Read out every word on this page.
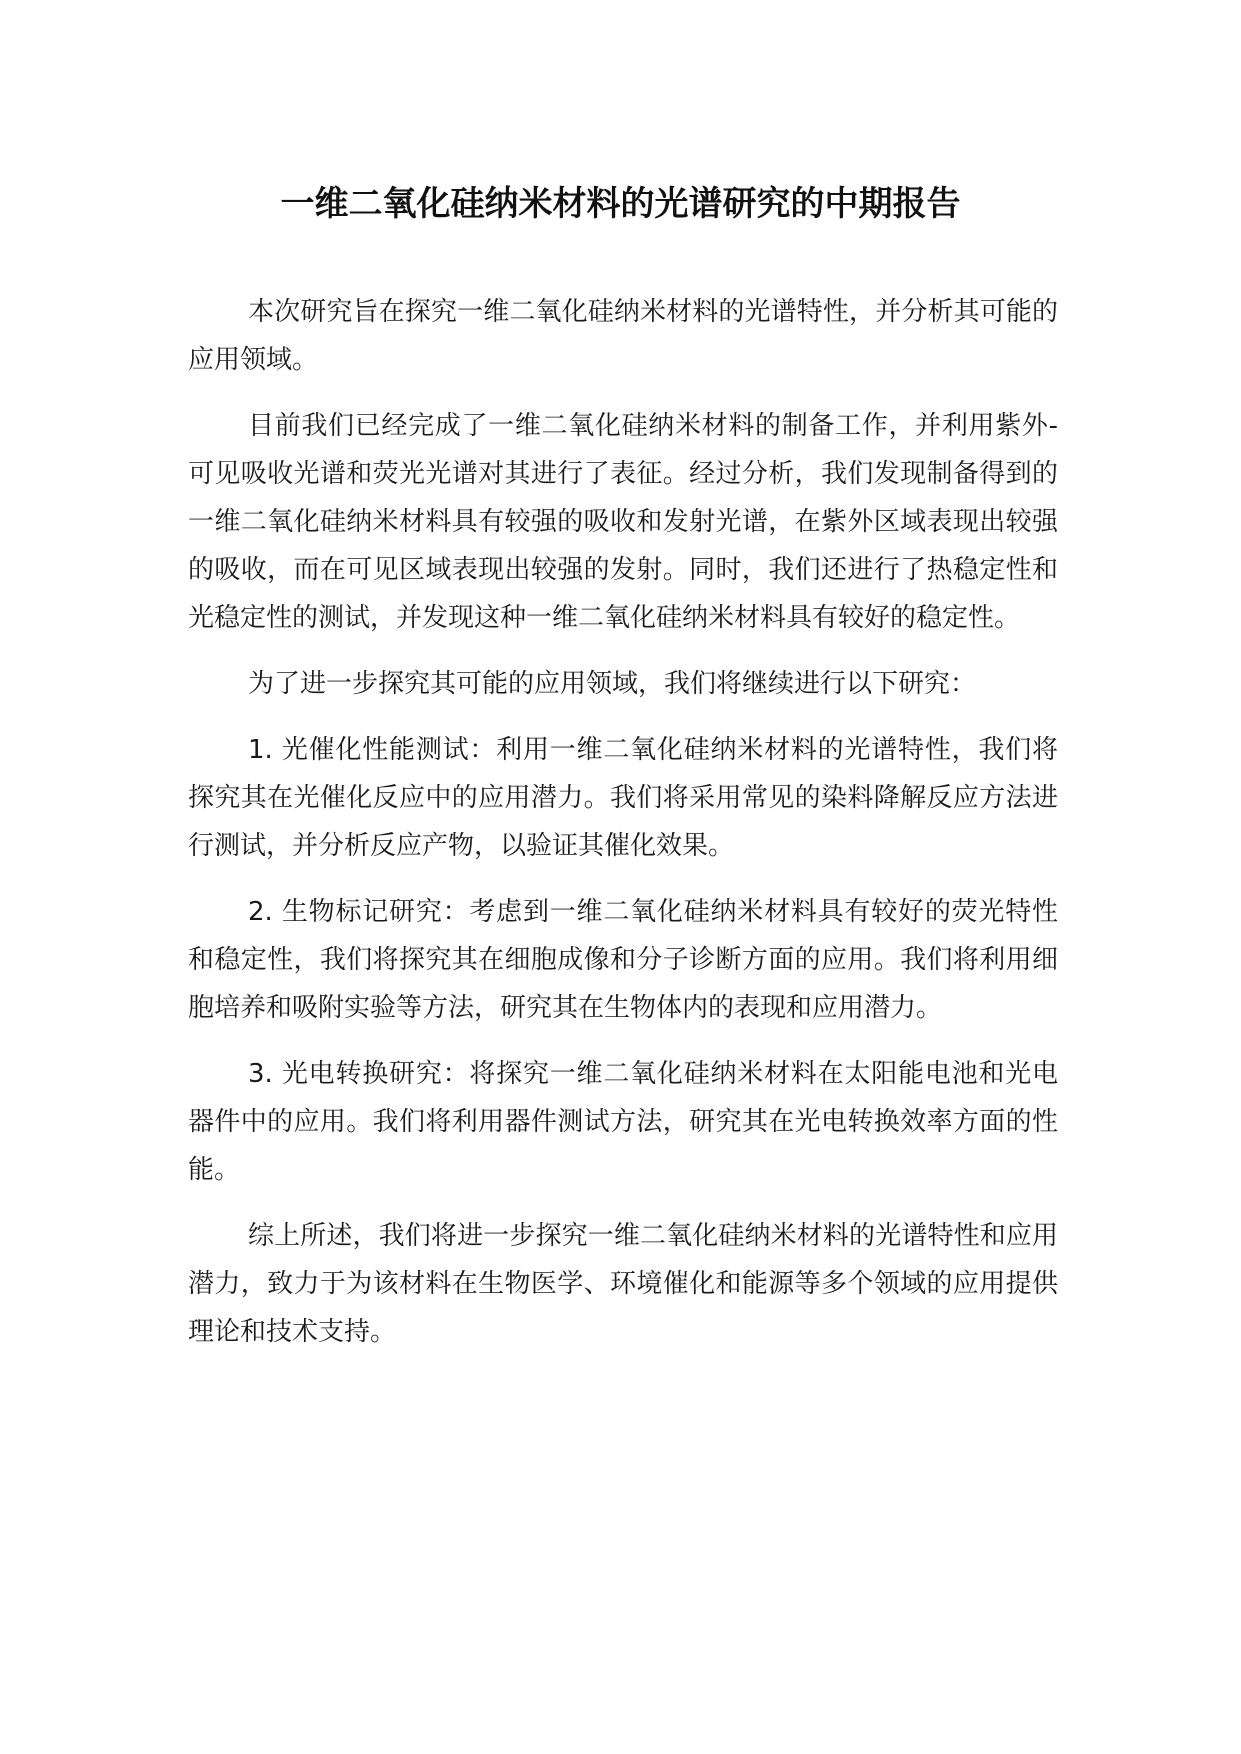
一维二氧化硅纳米材料的光谱研究的中期报告

本次研究旨在探究一维二氧化硅纳米材料的光谱特性，并分析其可能的应用领域。

目前我们已经完成了一维二氧化硅纳米材料的制备工作，并利用紫外-可见吸收光谱和荧光光谱对其进行了表征。经过分析，我们发现制备得到的一维二氧化硅纳米材料具有较强的吸收和发射光谱，在紫外区域表现出较强的吸收，而在可见区域表现出较强的发射。同时，我们还进行了热稳定性和光稳定性的测试，并发现这种一维二氧化硅纳米材料具有较好的稳定性。

为了进一步探究其可能的应用领域，我们将继续进行以下研究：

1. 光催化性能测试：利用一维二氧化硅纳米材料的光谱特性，我们将探究其在光催化反应中的应用潜力。我们将采用常见的染料降解反应方法进行测试，并分析反应产物，以验证其催化效果。

2. 生物标记研究：考虑到一维二氧化硅纳米材料具有较好的荧光特性和稳定性，我们将探究其在细胞成像和分子诊断方面的应用。我们将利用细胞培养和吸附实验等方法，研究其在生物体内的表现和应用潜力。

3. 光电转换研究：将探究一维二氧化硅纳米材料在太阳能电池和光电器件中的应用。我们将利用器件测试方法，研究其在光电转换效率方面的性能。

综上所述，我们将进一步探究一维二氧化硅纳米材料的光谱特性和应用潜力，致力于为该材料在生物医学、环境催化和能源等多个领域的应用提供理论和技术支持。
